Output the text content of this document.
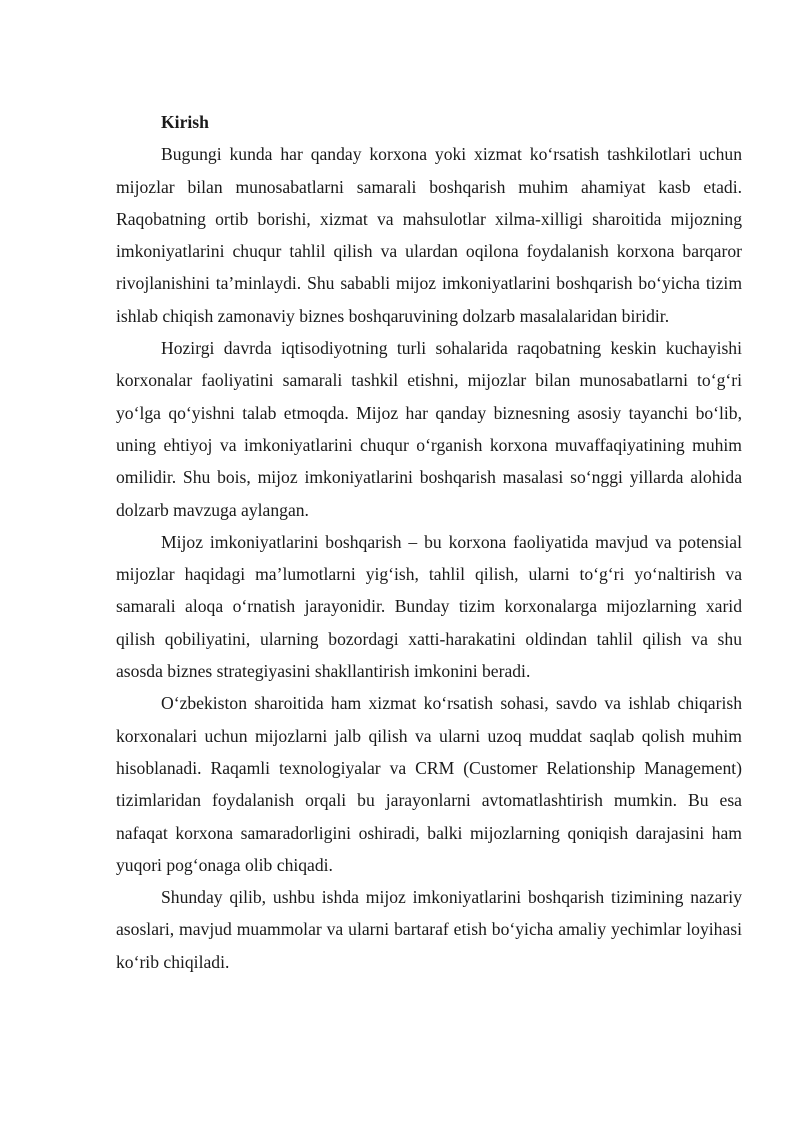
Kirish

Bugungi kunda har qanday korxona yoki xizmat ko‘rsatish tashkilotlari uchun mijozlar bilan munosabatlarni samarali boshqarish muhim ahamiyat kasb etadi. Raqobatning ortib borishi, xizmat va mahsulotlar xilma-xilligi sharoitida mijozning imkoniyatlarini chuqur tahlil qilish va ulardan oqilona foydalanish korxona barqaror rivojlanishini ta’minlaydi. Shu sababli mijoz imkoniyatlarini boshqarish bo‘yicha tizim ishlab chiqish zamonaviy biznes boshqaruvining dolzarb masalalaridan biridir.

Hozirgi davrda iqtisodiyotning turli sohalarida raqobatning keskin kuchayishi korxonalar faoliyatini samarali tashkil etishni, mijozlar bilan munosabatlarni to‘g‘ri yo‘lga qo‘yishni talab etmoqda. Mijoz har qanday biznesning asosiy tayanchi bo‘lib, uning ehtiyoj va imkoniyatlarini chuqur o‘rganish korxona muvaffaqiyatining muhim omilidir. Shu bois, mijoz imkoniyatlarini boshqarish masalasi so‘nggi yillarda alohida dolzarb mavzuga aylangan.

Mijoz imkoniyatlarini boshqarish – bu korxona faoliyatida mavjud va potensial mijozlar haqidagi ma’lumotlarni yig‘ish, tahlil qilish, ularni to‘g‘ri yo‘naltirish va samarali aloqa o‘rnatish jarayonidir. Bunday tizim korxonalarga mijozlarning xarid qilish qobiliyatini, ularning bozordagi xatti-harakatini oldindan tahlil qilish va shu asosda biznes strategiyasini shakllantirish imkonini beradi.

O‘zbekiston sharoitida ham xizmat ko‘rsatish sohasi, savdo va ishlab chiqarish korxonalari uchun mijozlarni jalb qilish va ularni uzoq muddat saqlab qolish muhim hisoblanadi. Raqamli texnologiyalar va CRM (Customer Relationship Management) tizimlaridan foydalanish orqali bu jarayonlarni avtomatlashtirish mumkin. Bu esa nafaqat korxona samaradorligini oshiradi, balki mijozlarning qoniqish darajasini ham yuqori pog‘onaga olib chiqadi.

Shunday qilib, ushbu ishda mijoz imkoniyatlarini boshqarish tizimining nazariy asoslari, mavjud muammolar va ularni bartaraf etish bo‘yicha amaliy yechimlar loyihasi ko‘rib chiqiladi.
